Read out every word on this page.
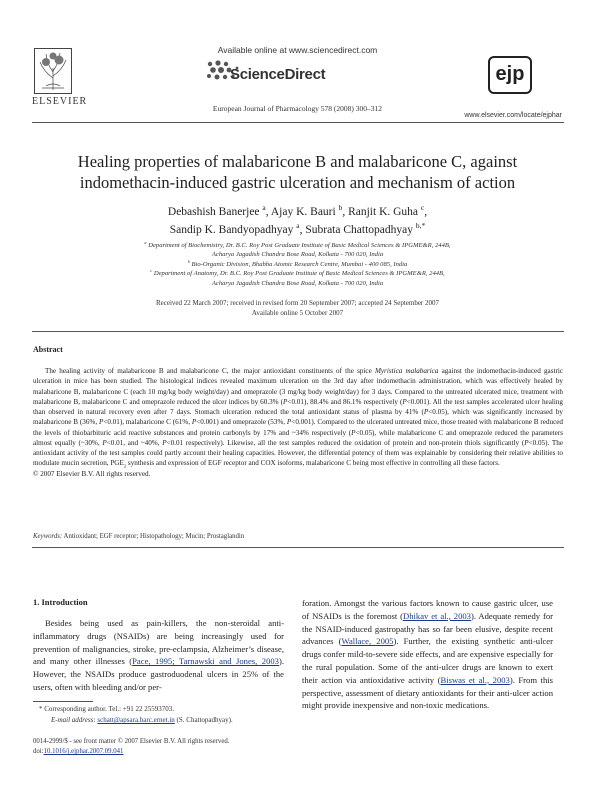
Available online at www.sciencedirect.com
ScienceDirect
ELSEVIER
European Journal of Pharmacology 578 (2008) 300–312
ejp
www.elsevier.com/locate/ejphar
Healing properties of malabaricone B and malabaricone C, against
indomethacin-induced gastric ulceration and mechanism of action
Debashish Banerjee $^a$, Ajay K. Bauri $^b$, Ranjit K. Guha $^c$,
Sandip K. Bandyopadhyay $^a$, Subrata Chattopadhyay $^{b,*}$
$^a$ Department of Biochemistry, Dr. B.C. Roy Post Graduate Institute of Basic Medical Sciences & IPGME&R, 244B,
Acharya Jagadish Chandra Bose Road, Kolkata - 700 020, India
$^b$ Bio-Organic Division, Bhabha Atomic Research Centre, Mumbai - 400 085, India
$^c$ Department of Anatomy, Dr. B.C. Roy Post Graduate Institute of Basic Medical Sciences & IPGME&R, 244B,
Acharya Jagadish Chandra Bose Road, Kolkata - 700 020, India
Received 22 March 2007; received in revised form 20 September 2007; accepted 24 September 2007
Available online 5 October 2007
Abstract
The healing activity of malabaricone B and malabaricone C, the major antioxidant constituents of the spice Myristica malabarica against the indomethacin-induced gastric ulceration in mice has been studied. The histological indices revealed maximum ulceration on the 3rd day after indomethacin administration, which was effectively healed by malabaricone B, malabaricone C (each 10 mg/kg body weight/day) and omeprazole (3 mg/kg body weight/day) for 3 days. Compared to the untreated ulcerated mice, treatment with malabaricone B, malabaricone C and omeprazole reduced the ulcer indices by 60.3% (P<0.01), 88.4% and 86.1% respectively (P<0.001). All the test samples accelerated ulcer healing than observed in natural recovery even after 7 days. Stomach ulceration reduced the total antioxidant status of plasma by 41% (P<0.05), which was significantly increased by malabaricone B (36%, P<0.01), malabaricone C (61%, P<0.001) and omeprazole (53%, P<0.001). Compared to the ulcerated untreated mice, those treated with malabaricone B reduced the levels of thiobarbituric acid reactive substances and protein carbonyls by 17% and ~34% respectively (P<0.05), while malabaricone C and omeprazole reduced the parameters almost equally (~30%, P<0.01, and ~40%, P<0.01 respectively). Likewise, all the test samples reduced the oxidation of protein and non-protein thiols significantly (P<0.05). The antioxidant activity of the test samples could partly account their healing capacities. However, the differential potency of them was explainable by considering their relative abilities to modulate mucin secretion, $PGE_2$ synthesis and expression of EGF receptor and COX isoforms, malabaricone C being most effective in controlling all these factors.
© 2007 Elsevier B.V. All rights reserved.
Keywords: Antioxidant; EGF receptor; Histopathology; Mucin; Prostaglandin
1. Introduction
Besides being used as pain-killers, the non-steroidal anti-inflammatory drugs (NSAIDs) are being increasingly used for prevention of malignancies, stroke, pre-eclampsia, Alzheimer’s disease, and many other illnesses (Pace, 1995; Tarnawski and Jones, 2003). However, the NSAIDs produce gastroduodenal ulcers in 25% of the users, often with bleeding and/or per-
foration. Amongst the various factors known to cause gastric ulcer, use of NSAIDs is the foremost (Dhikav et al., 2003). Adequate remedy for the NSAID-induced gastropathy has so far been elusive, despite recent advances (Wallace, 2005). Further, the existing synthetic anti-ulcer drugs confer mild-to-severe side effects, and are expensive especially for the rural population. Some of the anti-ulcer drugs are known to exert their action via antioxidative activity (Biswas et al., 2003). From this perspective, assessment of dietary antioxidants for their anti-ulcer action might provide inexpensive and non-toxic medications.
* Corresponding author. Tel.: +91 22 25593703.
E-mail address: schatt@apsara.barc.ernet.in (S. Chattopadhyay).
0014-2999/$ - see front matter © 2007 Elsevier B.V. All rights reserved.
doi:10.1016/j.ejphar.2007.09.041
